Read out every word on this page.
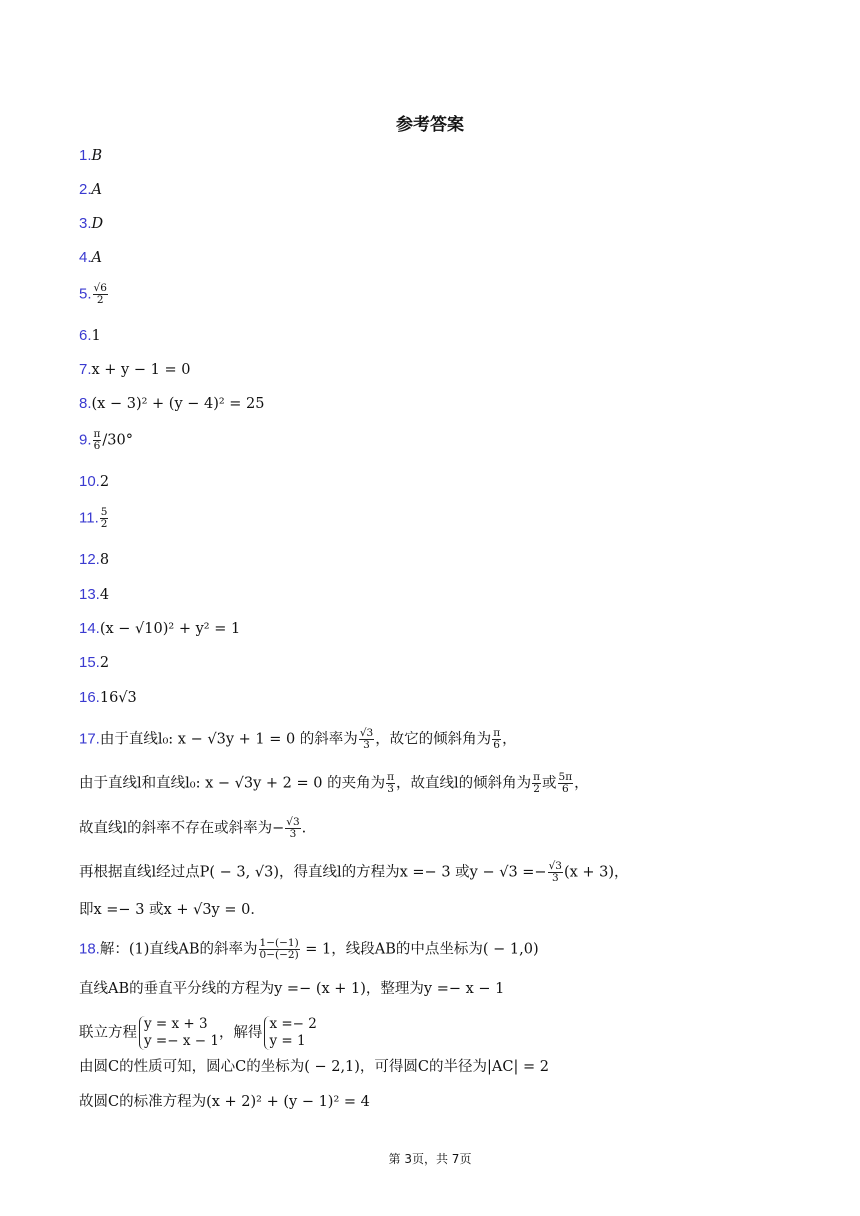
参考答案
1.B
2.A
3.D
4.A
5. $\frac{√6}{2}$
6.1
7.x + y − 1 = 0
8.(x − 3)² + (y − 4)² = 25
9. $\frac{\pi}{6} /30^\circ$
10.2
11. $\frac{5}{2}$
12.8
13.4
14.(x − √10)² + y² = 1
15.2
16.16√3
17.由于直线l₀: x − √3y + 1 = 0 的斜率为 $\frac{√3}{3}$ ，故它的倾斜角为 $\frac{\pi}{6}$ ，
由于直线l和直线l₀: x − √3y + 2 = 0 的夹角为 $\frac{\pi}{3}$ ，故直线l的倾斜角为 $\frac{\pi}{2}$ 或 $\frac{5\pi}{6}$ ，
故直线l的斜率不存在或斜率为− $\frac{√3}{3}$ .
再根据直线l经过点P( − 3, √3)，得直线l的方程为x =− 3 或$y - √3 =- \frac{√3}{3} (x + 3)$，
即x =− 3 或x + √3y = 0．
18.解：(1)直线AB的斜率为 $\frac{1-(-1)}{0-(-2)} = 1$，线段AB的中点坐标为( − 1,0)
直线AB的垂直平分线的方程为y =− (x + 1)，整理为y =− x − 1
联立方程
y = x + 3
y =− x − 1 ，解得
x =− 2
y = 1
由圆C的性质可知，圆心C的坐标为( − 2,1)，可得圆C的半径为|AC| = 2
故圆C的标准方程为(x + 2)² + (y − 1)² = 4
第 3页，共 7页
